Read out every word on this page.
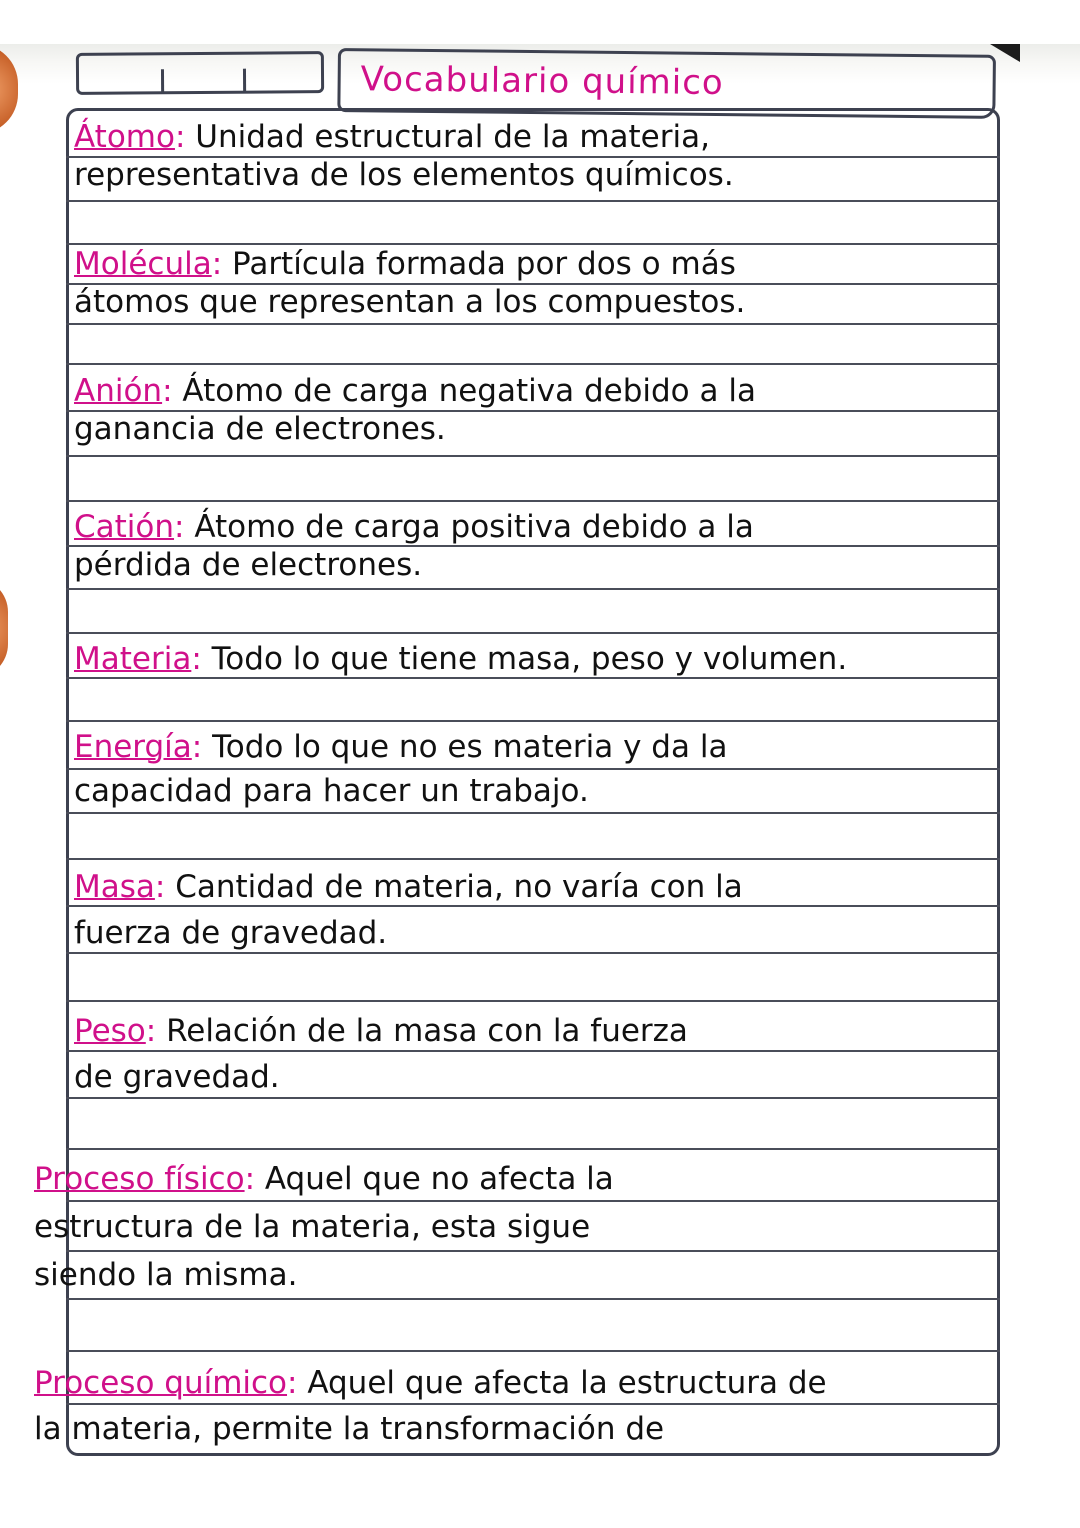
Vocabulario químico
Átomo: Unidad estructural de la materia,
representativa de los elementos químicos.
Molécula: Partícula formada por dos o más
átomos que representan a los compuestos.
Anión: Átomo de carga negativa debido a la
ganancia de electrones.
Catión: Átomo de carga positiva debido a la
pérdida de electrones.
Materia: Todo lo que tiene masa, peso y volumen.
Energía: Todo lo que no es materia y da la
capacidad para hacer un trabajo.
Masa: Cantidad de materia, no varía con la
fuerza de gravedad.
Peso: Relación de la masa con la fuerza
de gravedad.
Proceso físico: Aquel que no afecta la
estructura de la materia, esta sigue
siendo la misma.
Proceso químico: Aquel que afecta la estructura de
la materia, permite la transformación de
